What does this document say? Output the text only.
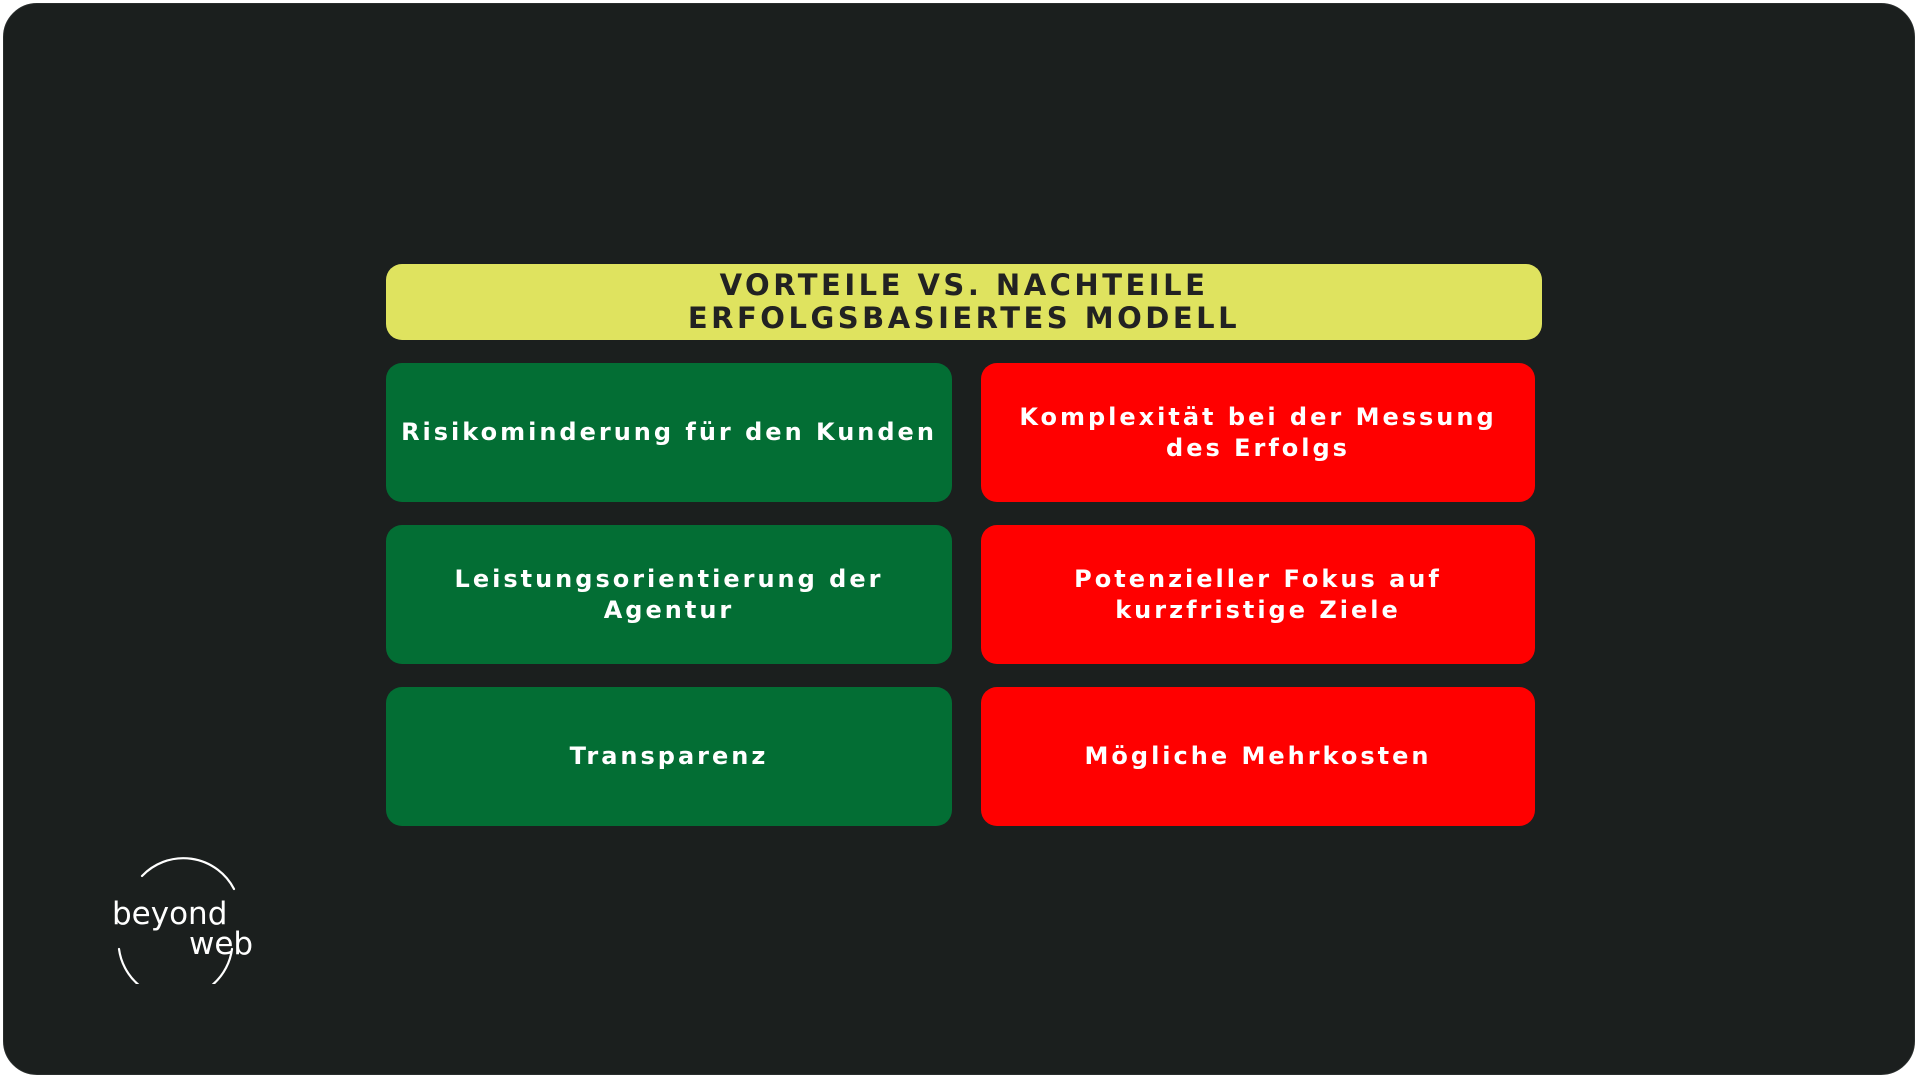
VORTEILE VS. NACHTEILE
ERFOLGSBASIERTES MODELL
Risikominderung für den Kunden
Leistungsorientierung der Agentur
Transparenz
Komplexität bei der Messung des Erfolgs
Potenzieller Fokus auf kurzfristige Ziele
Mögliche Mehrkosten
beyond
web
